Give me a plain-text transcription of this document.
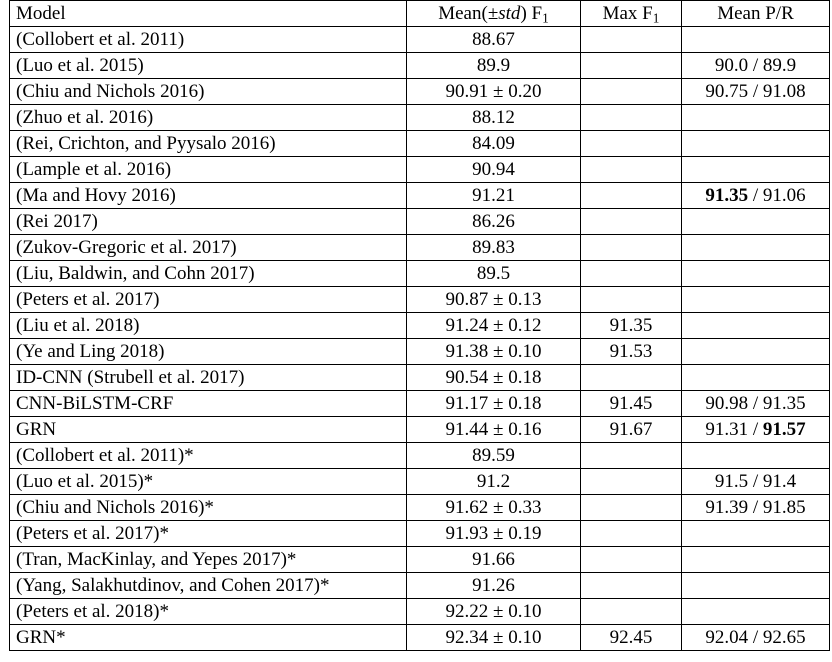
Model	Mean(±std) $F_1$	Max $F_1$	Mean P/R
(Collobert et al. 2011)	88.67		
(Luo et al. 2015)	89.9		90.0 / 89.9
(Chiu and Nichols 2016)	90.91 ± 0.20		90.75 / 91.08
(Zhuo et al. 2016)	88.12		
(Rei, Crichton, and Pyysalo 2016)	84.09		
(Lample et al. 2016)	90.94		
(Ma and Hovy 2016)	91.21		91.35 / 91.06
(Rei 2017)	86.26		
(Zukov-Gregoric et al. 2017)	89.83		
(Liu, Baldwin, and Cohn 2017)	89.5		
(Peters et al. 2017)	90.87 ± 0.13		
(Liu et al. 2018)	91.24 ± 0.12	91.35	
(Ye and Ling 2018)	91.38 ± 0.10	91.53	
ID-CNN (Strubell et al. 2017)	90.54 ± 0.18		
CNN-BiLSTM-CRF	91.17 ± 0.18	91.45	90.98 / 91.35
GRN	91.44 ± 0.16	91.67	91.31 / 91.57
(Collobert et al. 2011)*	89.59		
(Luo et al. 2015)*	91.2		91.5 / 91.4
(Chiu and Nichols 2016)*	91.62 ± 0.33		91.39 / 91.85
(Peters et al. 2017)*	91.93 ± 0.19		
(Tran, MacKinlay, and Yepes 2017)*	91.66		
(Yang, Salakhutdinov, and Cohen 2017)*	91.26		
(Peters et al. 2018)*	92.22 ± 0.10		
GRN*	92.34 ± 0.10	92.45	92.04 / 92.65
